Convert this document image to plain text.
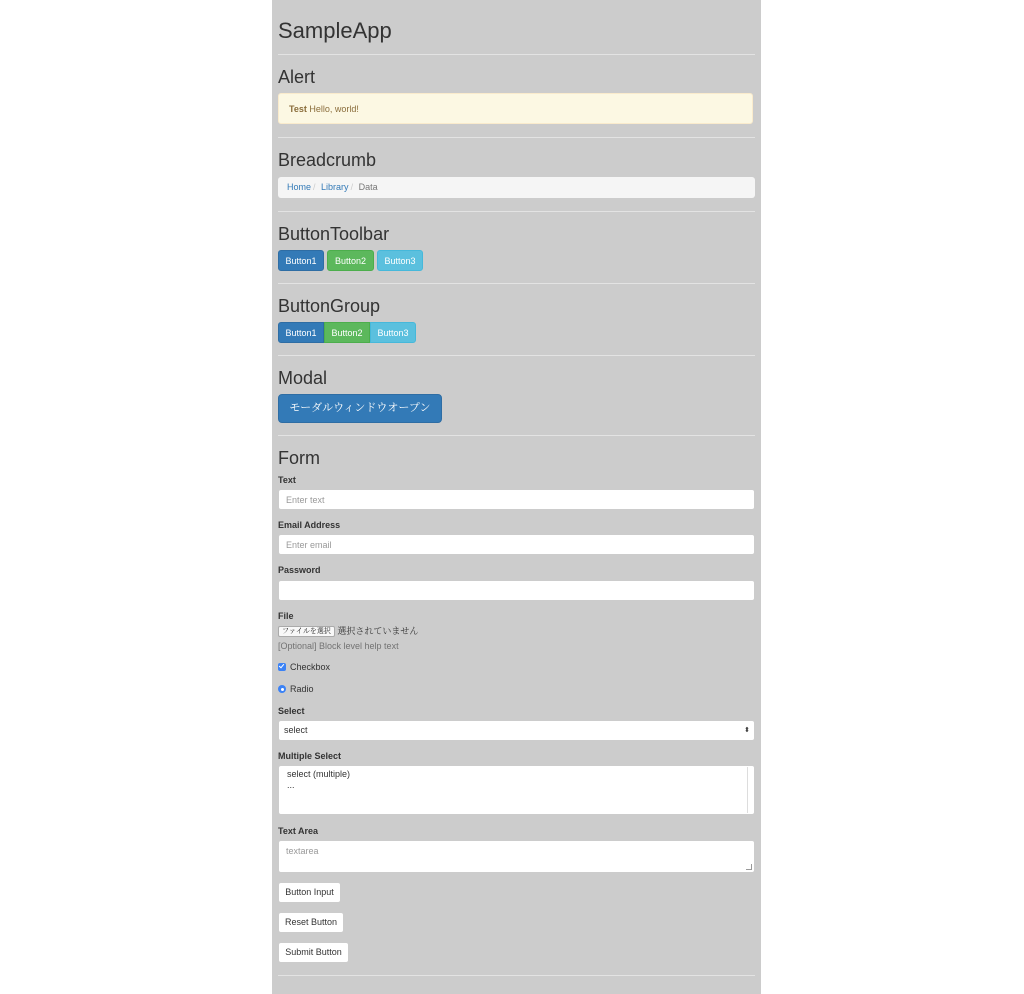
SampleApp
Alert
Test Hello, world!
Breadcrumb
Home / Library / Data
ButtonToolbar
Button1	Button2	Button3
ButtonGroup
Button1	Button2	Button3
Modal
モーダルウィンドウオープン
Form
Text
Enter text
Email Address
Enter email
Password
File
ファイルを選択 選択されていません
[Optional] Block level help text
Checkbox
Radio
Select
select	⬍
Multiple Select
select (multiple)
...
Text Area
textarea
Button Input
Reset Button
Submit Button
